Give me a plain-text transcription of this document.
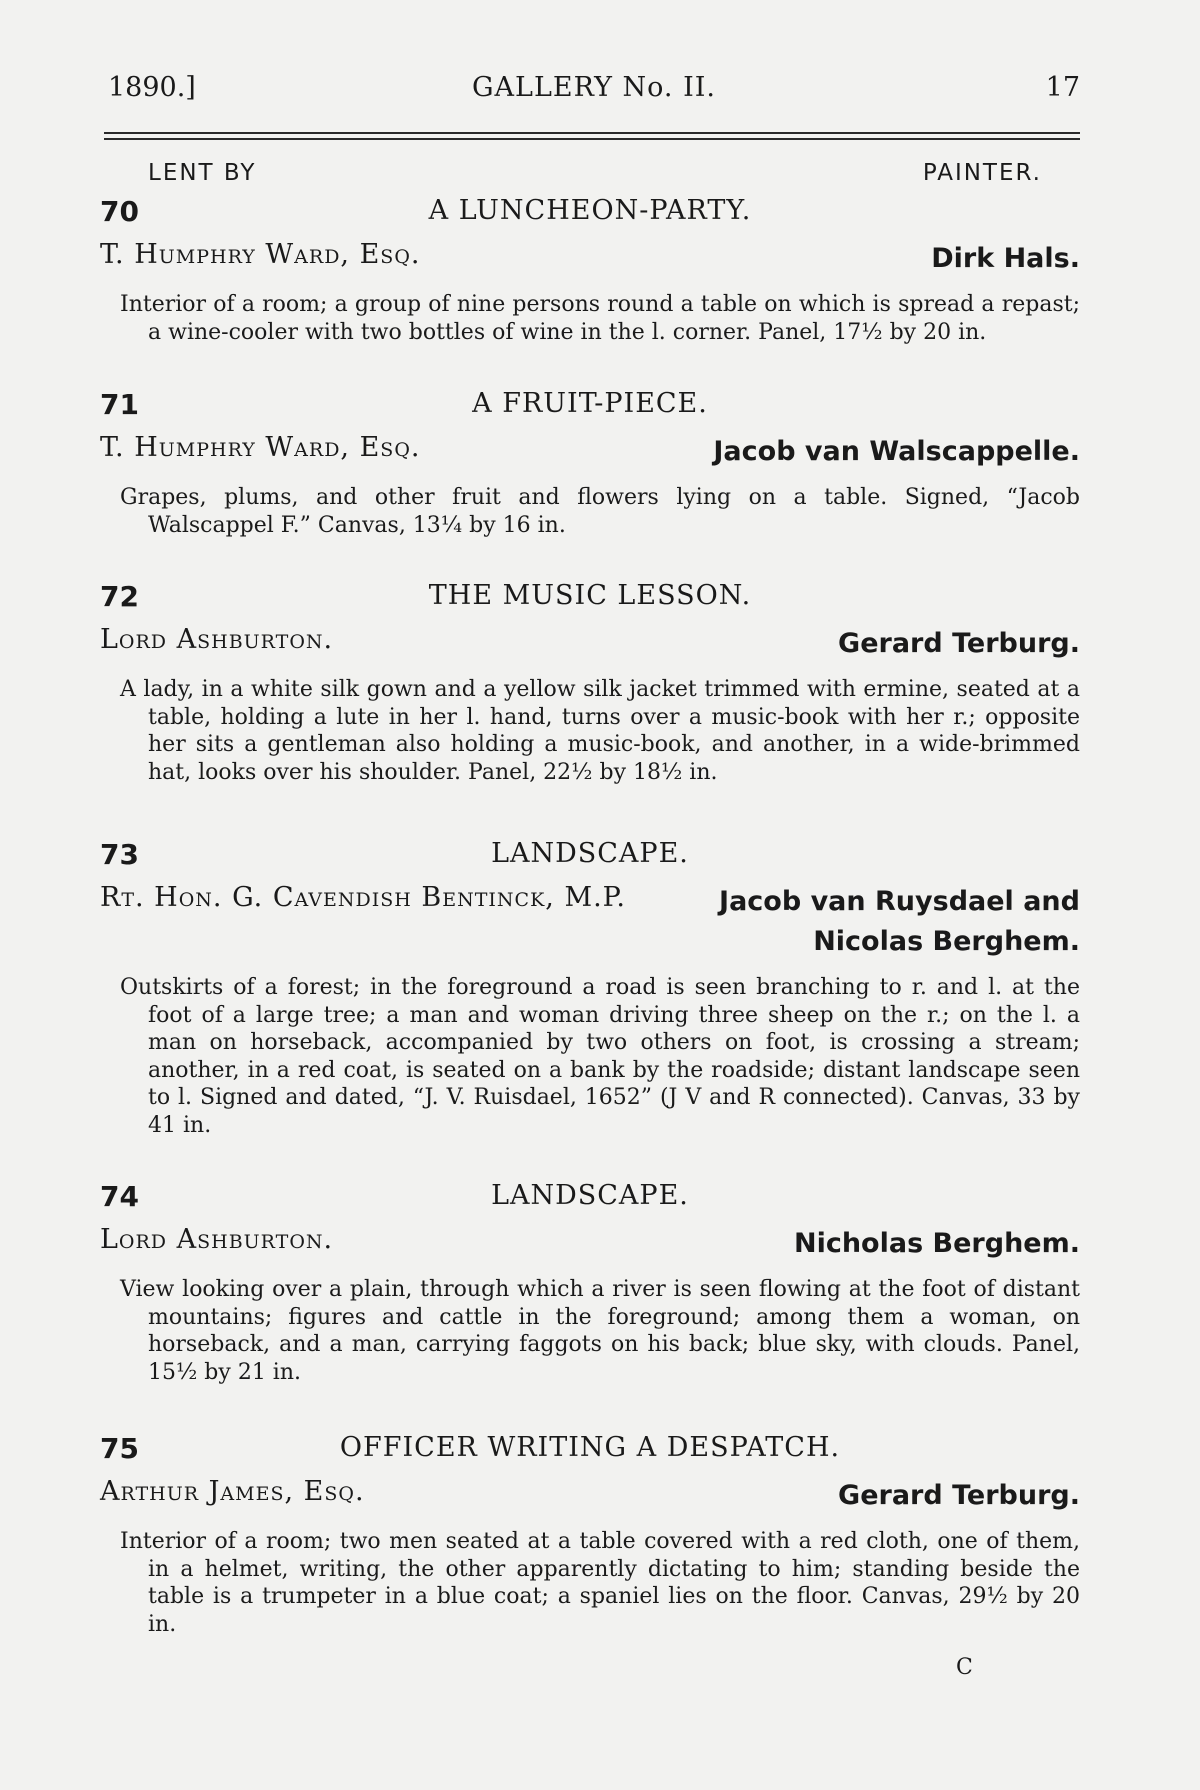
1890.]	GALLERY No. II.	17
LENT BY	PAINTER.
70	A LUNCHEON-PARTY.
T. Humphry Ward, Esq.	Dirk Hals.
Interior of a room; a group of nine persons round a table on which is spread a repast; a wine-cooler with two bottles of wine in the l. corner. Panel, 17½ by 20 in.
71	A FRUIT-PIECE.
T. Humphry Ward, Esq.	Jacob van Walscappelle.
Grapes, plums, and other fruit and flowers lying on a table. Signed, “Jacob Walscappel F.” Canvas, 13¼ by 16 in.
72	THE MUSIC LESSON.
Lord Ashburton.	Gerard Terburg.
A lady, in a white silk gown and a yellow silk jacket trimmed with ermine, seated at a table, holding a lute in her l. hand, turns over a music-book with her r.; opposite her sits a gentleman also holding a music-book, and another, in a wide-brimmed hat, looks over his shoulder. Panel, 22½ by 18½ in.
73	LANDSCAPE.
Rt. Hon. G. Cavendish Bentinck, M.P.	Jacob van Ruysdael and Nicolas Berghem.
Outskirts of a forest; in the foreground a road is seen branching to r. and l. at the foot of a large tree; a man and woman driving three sheep on the r.; on the l. a man on horseback, accompanied by two others on foot, is crossing a stream; another, in a red coat, is seated on a bank by the roadside; distant landscape seen to l. Signed and dated, “J. V. Ruisdael, 1652” (J V and R connected). Canvas, 33 by 41 in.
74	LANDSCAPE.
Lord Ashburton.	Nicholas Berghem.
View looking over a plain, through which a river is seen flowing at the foot of distant mountains; figures and cattle in the foreground; among them a woman, on horseback, and a man, carrying faggots on his back; blue sky, with clouds. Panel, 15½ by 21 in.
75	OFFICER WRITING A DESPATCH.
Arthur James, Esq.	Gerard Terburg.
Interior of a room; two men seated at a table covered with a red cloth, one of them, in a helmet, writing, the other apparently dictating to him; standing beside the table is a trumpeter in a blue coat; a spaniel lies on the floor. Canvas, 29½ by 20 in.
C
